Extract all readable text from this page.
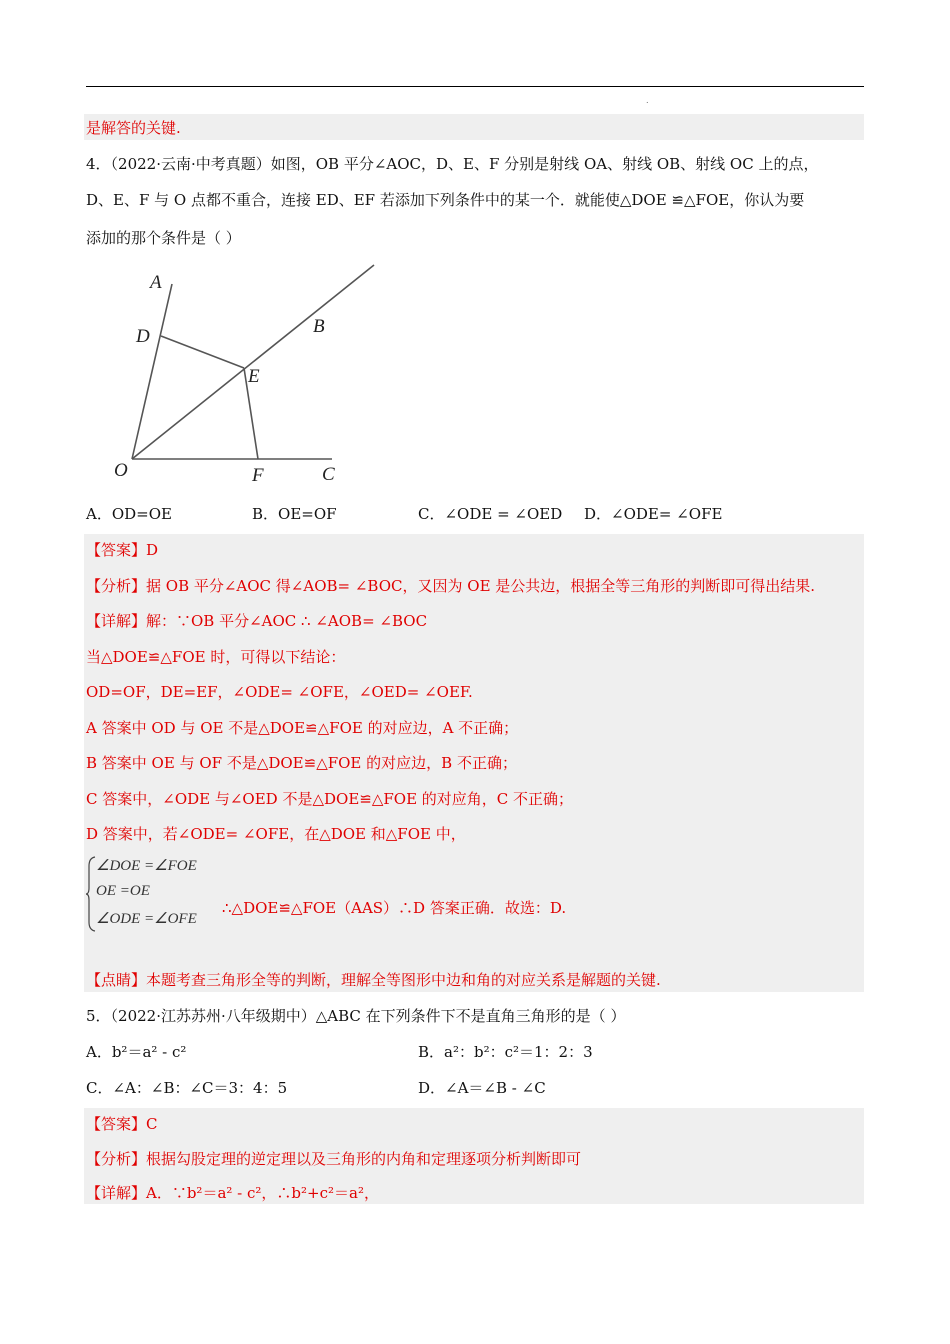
.
是解答的关键.
4．（2022·云南·中考真题）如图，OB 平分∠AOC，D、E、F 分别是射线 OA、射线 OB、射线 OC 上的点，
D、E、F 与 O 点都不重合，连接 ED、EF 若添加下列条件中的某一个．就能使△DOE ≌△FOE，你认为要
添加的那个条件是（ ）
A
B
C
D
E
F
O
A．OD=OE	B．OE=OF	C．∠ODE = ∠OED D．∠ODE= ∠OFE
【答案】D
【分析】据 OB 平分∠AOC 得∠AOB= ∠BOC，又因为 OE 是公共边，根据全等三角形的判断即可得出结果.
【详解】解：∵OB 平分∠AOC ∴ ∠AOB= ∠BOC
当△DOE≌△FOE 时，可得以下结论：
OD=OF，DE=EF，∠ODE= ∠OFE，∠OED= ∠OEF.
A 答案中 OD 与 OE 不是△DOE≌△FOE 的对应边，A 不正确；
B 答案中 OE 与 OF 不是△DOE≌△FOE 的对应边，B 不正确；
C 答案中，∠ODE 与∠OED 不是△DOE≌△FOE 的对应角，C 不正确；
D 答案中，若∠ODE= ∠OFE，在△DOE 和△FOE 中，
∠DOE =∠FOE
OE =OE
∠ODE =∠OFE
∴△DOE≌△FOE（AAS）∴D 答案正确．故选：D.
【点睛】本题考查三角形全等的判断，理解全等图形中边和角的对应关系是解题的关键.
5．（2022·江苏苏州·八年级期中）△ABC 在下列条件下不是直角三角形的是（ ）
A．b²＝a² - c²	B．a²：b²：c²＝1：2：3
C．∠A：∠B：∠C＝3：4：5	D．∠A＝∠B - ∠C
【答案】C
【分析】根据勾股定理的逆定理以及三角形的内角和定理逐项分析判断即可
【详解】A．∵b²＝a² - c²，∴b²+c²＝a²，
